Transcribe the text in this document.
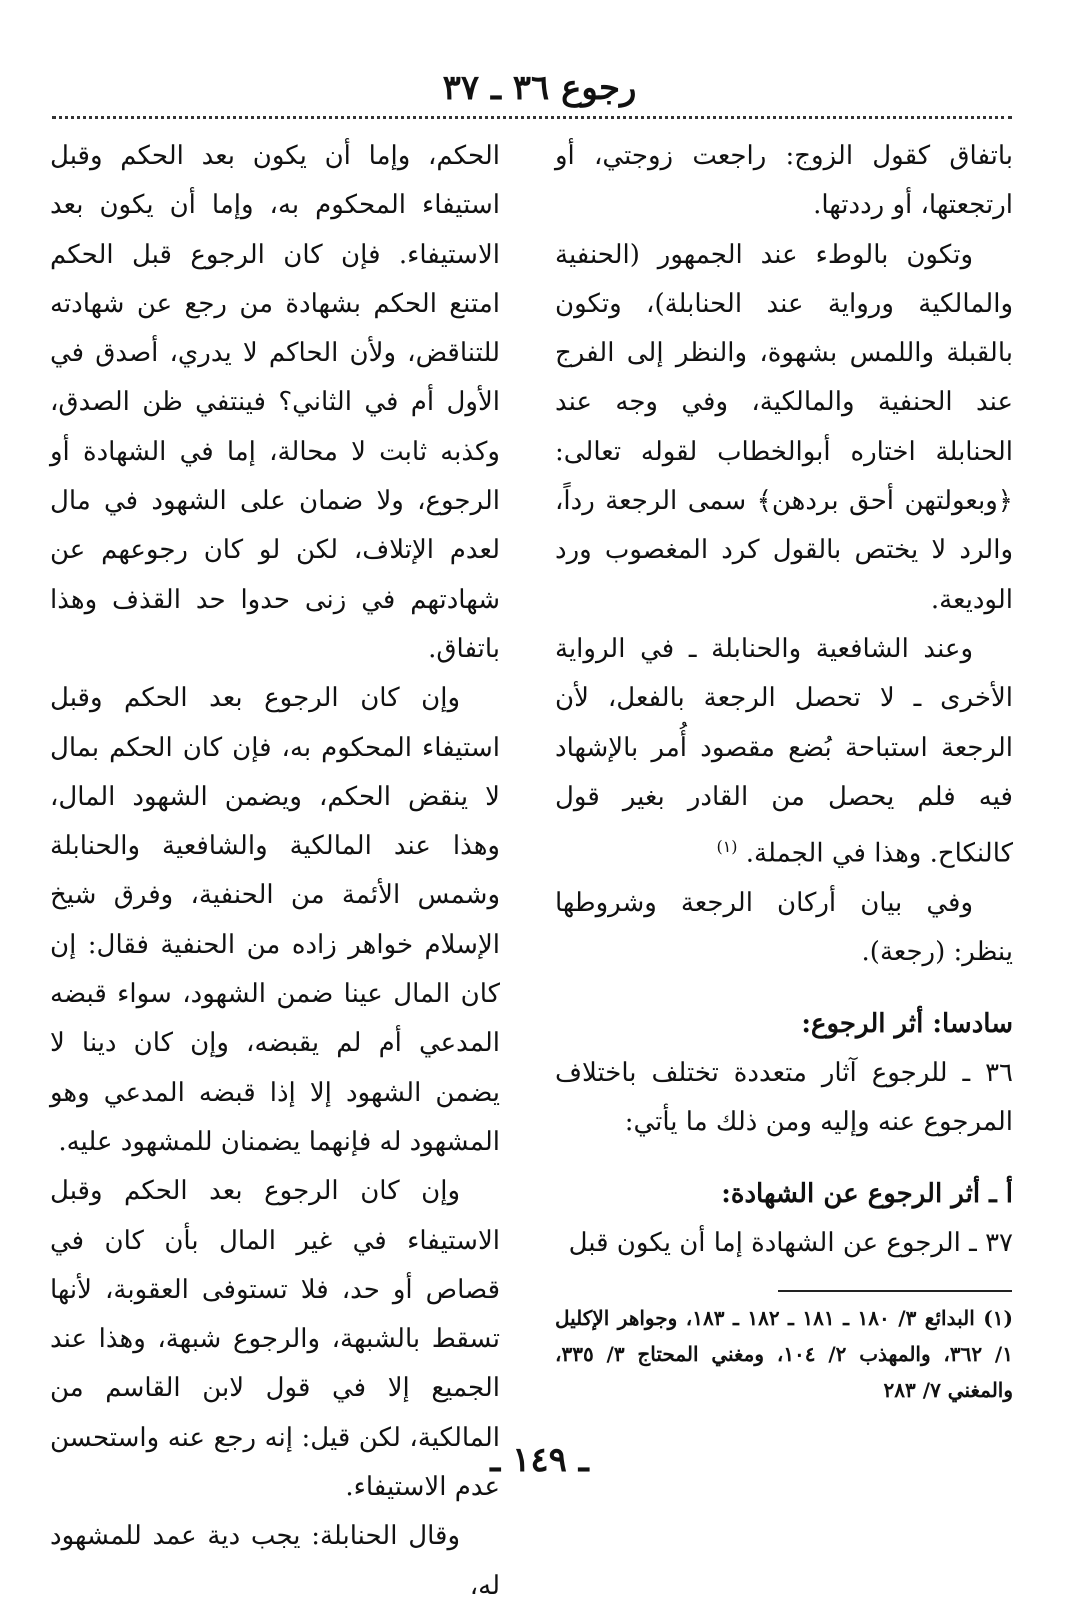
رجوع ٣٦ ـ ٣٧

باتفاق كقول الزوج: راجعت زوجتي، أو ارتجعتها، أو رددتها.

وتكون بالوطء عند الجمهور (الحنفية والمالكية ورواية عند الحنابلة)، وتكون بالقبلة واللمس بشهوة، والنظر إلى الفرج عند الحنفية والمالكية، وفي وجه عند الحنابلة اختاره أبوالخطاب لقوله تعالى: ﴿وبعولتهن أحق بردهن﴾ سمى الرجعة رداً، والرد لا يختص بالقول كرد المغصوب ورد الوديعة.

وعند الشافعية والحنابلة ـ في الرواية الأخرى ـ لا تحصل الرجعة بالفعل، لأن الرجعة استباحة بُضع مقصود أُمر بالإشهاد فيه فلم يحصل من القادر بغير قول كالنكاح. وهذا في الجملة. $^{(١)}$

وفي بيان أركان الرجعة وشروطها ينظر: (رجعة).

سادسا: أثر الرجوع:

٣٦ ـ للرجوع آثار متعددة تختلف باختلاف المرجوع عنه وإليه ومن ذلك ما يأتي:

أ ـ أثر الرجوع عن الشهادة:

٣٧ ـ الرجوع عن الشهادة إما أن يكون قبل

الحكم، وإما أن يكون بعد الحكم وقبل استيفاء المحكوم به، وإما أن يكون بعد الاستيفاء. فإن كان الرجوع قبل الحكم امتنع الحكم بشهادة من رجع عن شهادته للتناقض، ولأن الحاكم لا يدري، أصدق في الأول أم في الثاني؟ فينتفي ظن الصدق، وكذبه ثابت لا محالة، إما في الشهادة أو الرجوع، ولا ضمان على الشهود في مال لعدم الإتلاف، لكن لو كان رجوعهم عن شهادتهم في زنى حدوا حد القذف وهذا باتفاق.

وإن كان الرجوع بعد الحكم وقبل استيفاء المحكوم به، فإن كان الحكم بمال لا ينقض الحكم، ويضمن الشهود المال، وهذا عند المالكية والشافعية والحنابلة وشمس الأئمة من الحنفية، وفرق شيخ الإسلام خواهر زاده من الحنفية فقال: إن كان المال عينا ضمن الشهود، سواء قبضه المدعي أم لم يقبضه، وإن كان دينا لا يضمن الشهود إلا إذا قبضه المدعي وهو المشهود له فإنهما يضمنان للمشهود عليه.

وإن كان الرجوع بعد الحكم وقبل الاستيفاء في غير المال بأن كان في قصاص أو حد، فلا تستوفى العقوبة، لأنها تسقط بالشبهة، والرجوع شبهة، وهذا عند الجميع إلا في قول لابن القاسم من المالكية، لكن قيل: إنه رجع عنه واستحسن عدم الاستيفاء.

وقال الحنابلة: يجب دية عمد للمشهود له،

(١) البدائع ٣/ ١٨٠ ـ ١٨١ ـ ١٨٢ ـ ١٨٣، وجواهر الإكليل ١/ ٣٦٢، والمهذب ٢/ ١٠٤، ومغني المحتاج ٣/ ٣٣٥، والمغني ٧/ ٢٨٣
ـ ١٤٩ ـ
